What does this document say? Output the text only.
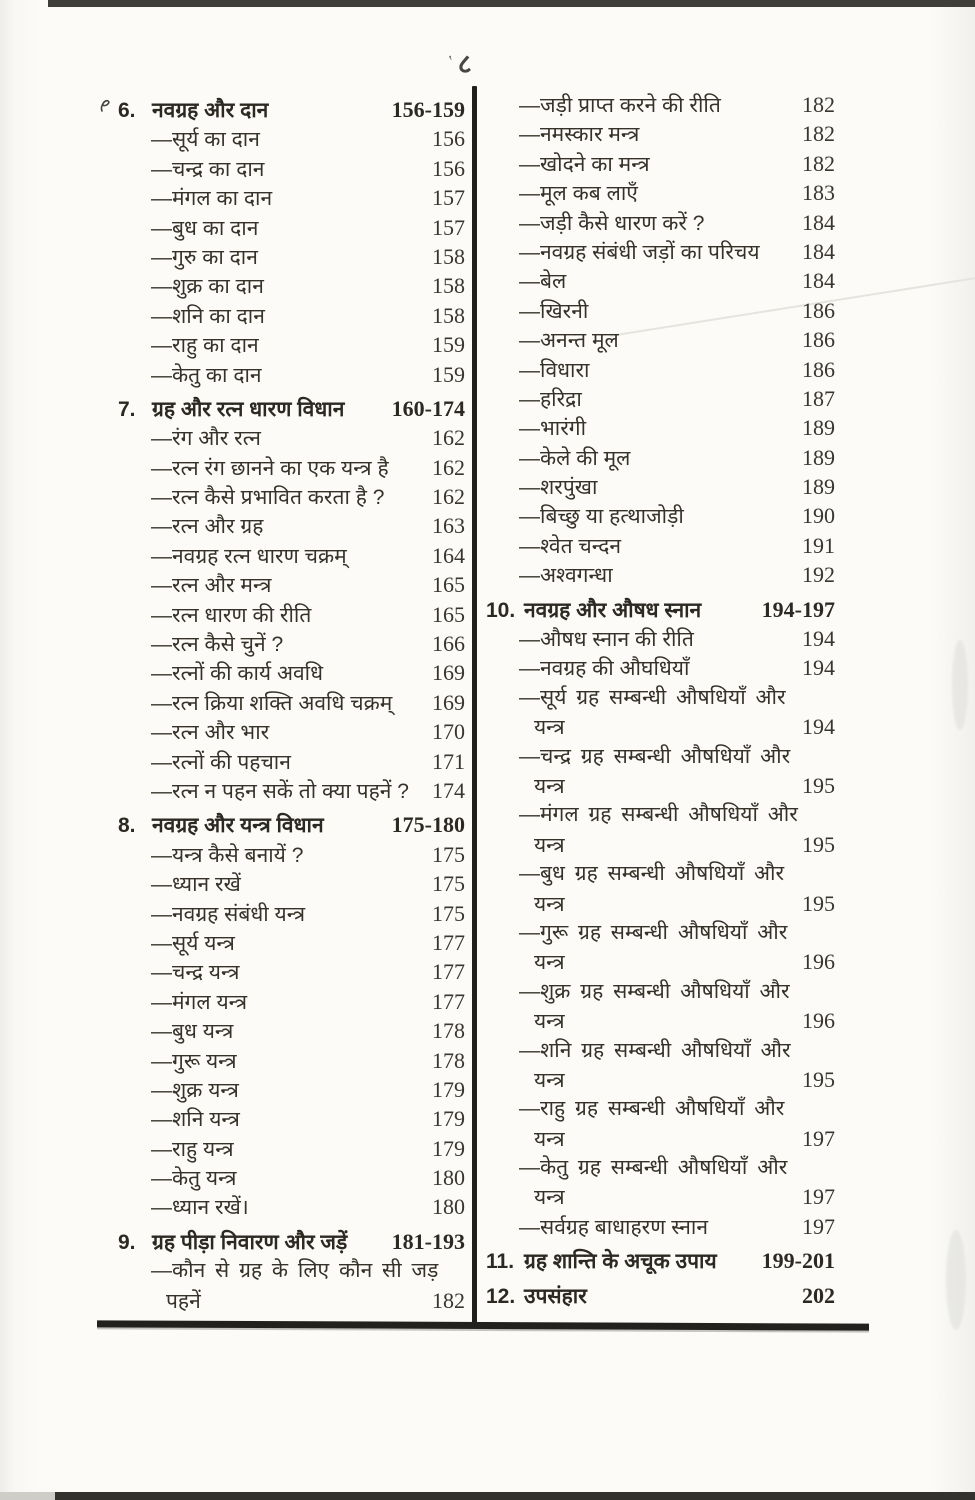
‛८
6. नवग्रह और दान	156-159
—सूर्य का दान	156
—चन्द्र का दान	156
—मंगल का दान	157
—बुध का दान	157
—गुरु का दान	158
—शुक्र का दान	158
—शनि का दान	158
—राहु का दान	159
—केतु का दान	159
7. ग्रह और रत्न धारण विधान 160-174
—रंग और रत्न	162
—रत्न रंग छानने का एक यन्त्र है 162
—रत्न कैसे प्रभावित करता है ? 162
—रत्न और ग्रह	163
—नवग्रह रत्न धारण चक्रम्	164
—रत्न और मन्त्र	165
—रत्न धारण की रीति	165
—रत्न कैसे चुनें ?	166
—रत्नों की कार्य अवधि	169
—रत्न क्रिया शक्ति अवधि चक्रम् 169
—रत्न और भार	170
—रत्नों की पहचान	171
—रत्न न पहन सकें तो क्या पहनें ? 174
8. नवग्रह और यन्त्र विधान	175-180
—यन्त्र कैसे बनायें ?	175
—ध्यान रखें	175
—नवग्रह संबंधी यन्त्र	175
—सूर्य यन्त्र	177
—चन्द्र यन्त्र	177
—मंगल यन्त्र	177
—बुध यन्त्र	178
—गुरू यन्त्र	178
—शुक्र यन्त्र	179
—शनि यन्त्र	179
—राहु यन्त्र	179
—केतु यन्त्र	180
—ध्यान रखें।	180
9. ग्रह पीड़ा निवारण और जड़ें 181-193
—कौन से ग्रह के लिए कौन सी जड़
पहनें	182
—जड़ी प्राप्त करने की रीति	182
—नमस्कार मन्त्र	182
—खोदने का मन्त्र	182
—मूल कब लाएँ	183
—जड़ी कैसे धारण करें ?	184
—नवग्रह संबंधी जड़ों का परिचय 184
—बेल	184
—खिरनी	186
—अनन्त मूल	186
—विधारा	186
—हरिद्रा	187
—भारंगी	189
—केले की मूल	189
—शरपुंखा	189
—बिच्छु या हत्थाजोड़ी	190
—श्वेत चन्दन	191
—अश्वगन्धा	192
10. नवग्रह और औषध स्नान	194-197
—औषध स्नान की रीति	194
—नवग्रह की औघधियाँ	194
—सूर्य ग्रह सम्बन्धी औषधियाँ और
यन्त्र	194
—चन्द्र ग्रह सम्बन्धी औषधियाँ और
यन्त्र	195
—मंगल ग्रह सम्बन्धी औषधियाँ और
यन्त्र	195
—बुध ग्रह सम्बन्धी औषधियाँ और
यन्त्र	195
—गुरू ग्रह सम्बन्धी औषधियाँ और
यन्त्र	196
—शुक्र ग्रह सम्बन्धी औषधियाँ और
यन्त्र	196
—शनि ग्रह सम्बन्धी औषधियाँ और
यन्त्र	195
—राहु ग्रह सम्बन्धी औषधियाँ और
यन्त्र	197
—केतु ग्रह सम्बन्धी औषधियाँ और
यन्त्र	197
—सर्वग्रह बाधाहरण स्नान	197
11. ग्रह शान्ति के अचूक उपाय 199-201
12. उपसंहार	202
